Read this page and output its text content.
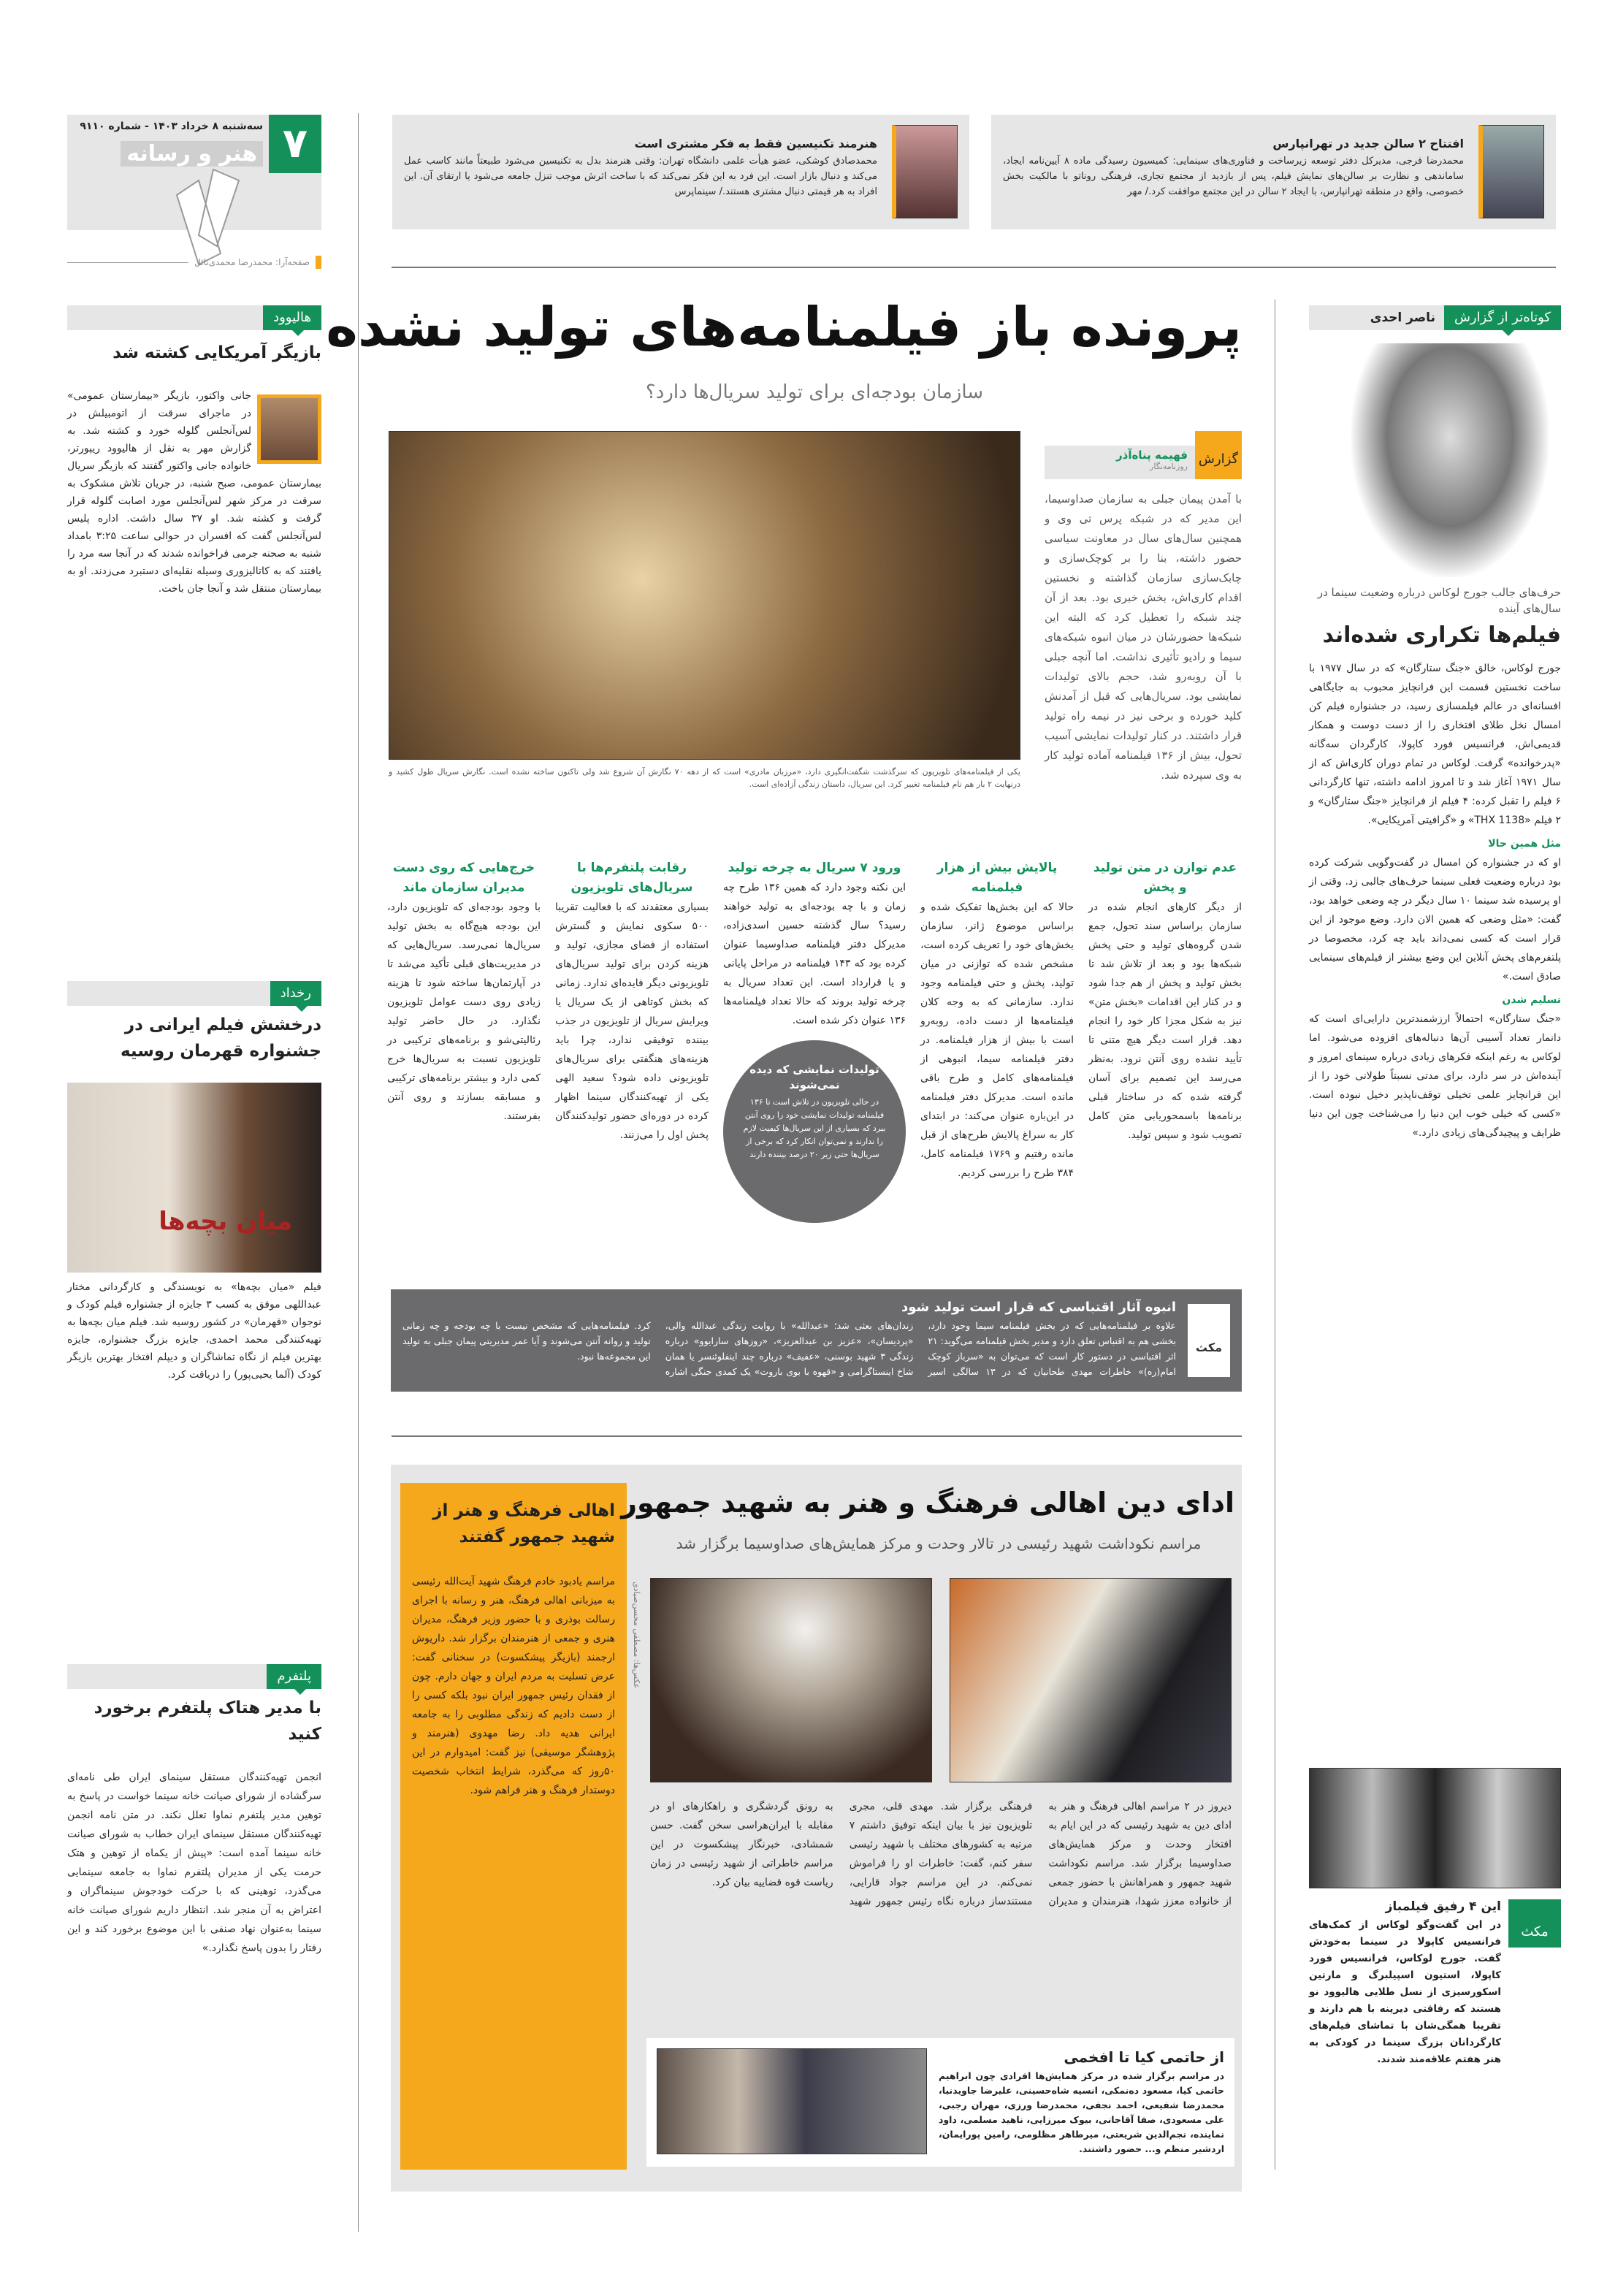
۷
سه‌شنبه ۸ خرداد ۱۴۰۳ - شماره ۹۱۱۰
هنر و رسانه
صفحه‌آرا: محمدرضا محمدی‌نائل
افتتاح ۲ سالن جدید در تهرانپارس
محمدرضا فرجی، مدیرکل دفتر توسعه زیرساخت و فناوری‌های سینمایی: کمیسیون رسیدگی ماده ۸ آیین‌نامه ایجاد، ساماندهی و نظارت بر سالن‌های نمایش فیلم، پس از بازدید از مجتمع تجاری، فرهنگی روناتو با مالکیت بخش خصوصی، واقع در منطقه تهرانپارس، با ایجاد ۲ سالن در این مجتمع موافقت کرد./ مهر
هنرمند تکنیسین فقط به فکر مشتری است
محمدصادق کوشکی، عضو هیأت علمی دانشگاه تهران: وقتی هنرمند بدل به تکنیسین می‌شود طبیعتاً مانند کاسب عمل می‌کند و دنبال بازار است. این فرد به این فکر نمی‌کند که با ساخت اثرش موجب تنزل جامعه می‌شود یا ارتقای آن. این افراد به هر قیمتی دنبال مشتری هستند./ سینماپرس
پرونده باز فیلمنامه‌های تولید نشده
سازمان بودجه‌ای برای تولید سریال‌ها دارد؟
یکی از فیلمنامه‌های تلویزیون که سرگذشت شگفت‌انگیزی دارد، «مرزبان مادری» است که از دهه ۷۰ نگارش آن شروع شد ولی تاکنون ساخته نشده است. نگارش سریال طول کشید و درنهایت ۲ بار هم نام فیلمنامه تغییر کرد. این سریال، داستان زندگی آزاده‌ای است.
گزارش
فهیمه پناه‌آذر
روزنامه‌نگار
با آمدن پیمان جبلی به سازمان صداوسیما، این مدیر که در شبکه پرس تی وی و همچنین سال‌های سال در معاونت سیاسی حضور داشته، بنا را بر کوچک‌سازی و چابک‌سازی سازمان گذاشته و نخستین اقدام کاری‌اش، بخش خبری بود. بعد از آن چند شبکه را تعطیل کرد که البته این شبکه‌ها حضورشان در میان انبوه شبکه‌های سیما و رادیو تأثیری نداشت. اما آنچه جبلی با آن روبه‌رو شد، حجم بالای تولیدات نمایشی بود. سریال‌هایی که قبل از آمدنش کلید خورده و برخی نیز در نیمه راه تولید قرار داشتند. در کنار تولیدات نمایشی آسیب تحول، بیش از ۱۳۶ فیلمنامه آماده تولید کار به وی سپرده شد.
عدم توازن در متن تولید و پخش
از دیگر کارهای انجام شده در سازمان براساس سند تحول، جمع شدن گروه‌های تولید و حتی پخش شبکه‌ها بود و بعد از تلاش شد تا بخش تولید و پخش از هم جدا شود و در کنار این اقدامات «بخش متن» نیز به شکل مجزا کار خود را انجام دهد. قرار است دیگر هیچ متنی تا تأیید نشده روی آنتن نرود. به‌نظر می‌رسد این تصمیم برای آسان گرفته شده که در ساختار قبلی برنامه‌ها باسمحوریابی متن کامل تصویب شود و سپس تولید.
پالایش بیش از هزار فیلمنامه
حالا که این بخش‌ها تفکیک شده و براساس موضوع ژانر، سازمان بخش‌های خود را تعریف کرده است، مشخص شده که توازنی در میان تولید، پخش و حتی فیلمنامه وجود ندارد. سازمانی که به وجه کلان فیلمنامه‌ها از دست داده، روبه‌رو است با بیش از هزار فیلمنامه. در دفتر فیلمنامه سیما، انبوهی از فیلمنامه‌های کامل و طرح باقی مانده است. مدیرکل دفتر فیلمنامه در این‌باره عنوان می‌کند: در ابتدای کار به سراغ پالایش طرح‌های از قبل مانده رفتیم و ۱۷۶۹ فیلمنامه کامل، ۳۸۴ طرح را بررسی کردیم.
ورود ۷ سریال به چرخه تولید
این نکته وجود دارد که همین ۱۳۶ طرح چه زمان و با چه بودجه‌ای به تولید خواهند رسید؟ سال گذشته حسین اسدی‌زاده، مدیرکل دفتر فیلمنامه صداوسیما عنوان کرده بود که ۱۴۳ فیلمنامه در مراحل پایانی و یا قرارداد است. این تعداد سریال به چرخه تولید بروند که حالا تعداد فیلمنامه‌ها ۱۳۶ عنوان ذکر شده است.
تولیدات نمایشی که دیده نمی‌شوند
در حالی تلویزیون در تلاش است تا ۱۳۶ فیلمنامه تولیدات نمایشی خود را روی آنتن ببرد که بسیاری از این سریال‌ها کیفیت لازم را ندارند و نمی‌توان انکار کرد که برخی از سریال‌ها حتی زیر ۲۰ درصد بیننده دارند
رقابت پلتفرم‌ها با سریال‌های تلویزیون
بسیاری معتقدند که با فعالیت تقریبا ۵۰۰ سکوی نمایش و گسترش استفاده از فضای مجازی، تولید و هزینه کردن برای تولید سریال‌های تلویزیونی دیگر فایده‌ای ندارد. زمانی که بخش کوتاهی از یک سریال یا ویرایش سریال از تلویزیون در جذب بیننده توفیقی ندارد، چرا باید هزینه‌های هنگفتی برای سریال‌های تلویزیونی داده شود؟ سعید الهی یکی از تهیه‌کنندگان سینما اظهار کرده در دوره‌ای حضور تولیدکنندگان پخش اول را می‌زنند.
خرج‌هایی که روی دست مدیران سازمان ماند
با وجود بودجه‌ای که تلویزیون دارد، این بودجه هیچ‌گاه به بخش تولید سریال‌ها نمی‌رسد. سریال‌هایی که در مدیریت‌های قبلی تأکید می‌شد تا در آپارتمان‌ها ساخته شود تا هزینه زیادی روی دست عوامل تلویزیون نگذارد. در حال حاضر تولید رئالیتی‌شو و برنامه‌های ترکیبی در تلویزیون نسبت به سریال‌ها خرج کمی دارد و بیشتر برنامه‌های ترکیبی و مسابقه بسازند و روی آنتن بفرستند.
مکث
انبوه آثار اقتباسی که قرار است تولید شود
علاوه بر فیلمنامه‌هایی که در بخش فیلمنامه سیما وجود دارد، بخشی هم به اقتباس تعلق دارد و مدیر بخش فیلمنامه می‌گوید: ۲۱ اثر اقتباسی در دستور کار است که می‌توان به «سرباز کوچک امام(ره)» خاطرات مهدی طحانیان که در ۱۳ سالگی اسیر زندان‌های بعثی شد؛ «عبدالله» با روایت زندگی عبدالله والی، «پردیسان»، «عزیز بن عبدالعزیز»، «روزهای سارایوو» درباره زندگی ۳ شهید بوسنی، «عفیف» درباره چند اینفلوئنسر یا همان شاخ اینستاگرامی و «قهوه با بوی باروت» یک کمدی جنگی اشاره کرد. فیلمنامه‌هایی که مشخص نیست با چه بودجه و چه زمانی تولید و روانه آنتن می‌شوند و آیا عمر مدیریتی پیمان جبلی به تولید این مجموعه‌ها نبود.
اهالی فرهنگ و هنر از شهید جمهور گفتند
مراسم یادبود خادم فرهنگ شهید آیت‌الله رئیسی به میزبانی اهالی فرهنگ، هنر و رسانه با اجرای رسالت بوذری و با حضور وزیر فرهنگ، مدیران هنری و جمعی از هنرمندان برگزار شد. داریوش ارجمند (بازیگر پیشکسوت) در سخنانی گفت: عرض تسلیت به مردم ایران و جهان دارم. چون از فقدان رئیس جمهور ایران نبود بلکه کسی را از دست دادیم که زندگی مطلوبی را به جامعه ایرانی هدیه داد. رضا مهدوی (هنرمند و پژوهشگر موسیقی) نیز گفت: امیدوارم در این ۵۰روز که می‌گذرد، شرایط انتخاب شخصیت دوستدار فرهنگ و هنر فراهم شود.
ادای دین اهالی فرهنگ و هنر به شهید جمهور
مراسم نکوداشت شهید رئیسی در تالار وحدت و مرکز همایش‌های صداوسیما برگزار شد
عکس‌ها: مصطفی محسن‌صیادی
دیروز در ۲ مراسم اهالی فرهنگ و هنر به ادای دین به شهید رئیسی که در این ایام به افتخار وحدت و مرکز همایش‌های صداوسیما برگزار شد. مراسم نکوداشت شهید جمهور و همراهانش با حضور جمعی از خانواده معزز شهدا، هنرمندان و مدیران فرهنگی برگزار شد. مهدی قلی، مجری تلویزیون نیز با بیان اینکه توفیق داشتم ۷ مرتبه به کشورهای مختلف با شهید رئیسی سفر کنم، گفت: خاطرات او را فراموش نمی‌کنم. در این مراسم جواد قارایی، مستندساز درباره نگاه رئیس جمهور شهید به رونق گردشگری و راهکارهای او در مقابله با ایران‌هراسی سخن گفت. حسن شمشادی، خبرنگار پیشکسوت در این مراسم خاطراتی از شهید رئیسی در زمان ریاست قوه قضاییه بیان کرد.
از حاتمی کیا تا افخمی
در مراسم برگزار شده در مرکز همایش‌ها افرادی چون ابراهیم حاتمی کیا، مسعود ده‌نمکی، انسیه شاه‌حسینی، علیرضا جاویدنیا، محمدرضا شفیعی، احمد نجفی، محمدرضا ورزی، مهران رجبی، علی مسعودی، صفا آقاجانی، بیوک میرزایی، ناهید مسلمی، داود نماینده، نجم‌الدین شریعتی، میرطاهر مظلومی، رامین پورایمان، اردشیر منظم و... حضور داشتند.
کوتاه‌تر از گزارش
ناصر احدی
حرف‌های جالب جورج لوکاس درباره وضعیت سینما در سال‌های آینده
فیلم‌ها تکراری شده‌اند

جورج لوکاس، خالق «جنگ ستارگان» که در سال ۱۹۷۷ با ساخت نخستین قسمت این فرانچایز محبوب به جایگاهی افسانه‌ای در عالم فیلمسازی رسید، در جشنواره فیلم کن امسال نخل طلای افتخاری را از دست دوست و همکار قدیمی‌اش، فرانسیس فورد کاپولا، کارگردان سه‌گانه «پدرخوانده» گرفت. لوکاس در تمام دوران کاری‌اش که از سال ۱۹۷۱ آغاز شد و تا امروز ادامه داشته، تنها کارگردانی ۶ فیلم را تقبل کرده: ۴ فیلم از فرانچایز «جنگ ستارگان» و ۲ فیلم «THX 1138» و «گرافیتی آمریکایی».

مثل همین حالا

او که در جشنواره کن امسال در گفت‌وگویی شرکت کرده بود درباره وضعیت فعلی سینما حرف‌های جالبی زد. وقتی از او پرسیده شد سینما ۱۰ سال دیگر در چه وضعی خواهد بود، گفت: «مثل وضعی که همین الان دارد. وضع موجود از این قرار است که کسی نمی‌داند باید چه کرد، مخصوصا در پلتفرم‌های پخش آنلاین این وضع بیشتر از فیلم‌های سینمایی صادق است.»

تسلیم شدن

«جنگ ستارگان» احتمالاً ارزشمندترین دارایی‌ای است که دانمار تعداد آسیبی آن‌ها دنباله‌های افزوده می‌شود. اما لوکاس به رغم اینکه فکرهای زیادی درباره سینمای امروز و آینده‌اش در سر دارد، برای مدتی نسبتاً طولانی خود را از این فرانچایز علمی تخیلی توقف‌ناپذیر دخیل نبوده است. «کسی که خیلی خوب این دنیا را می‌شناخت چون این دنیا ظرایف و پیچیدگی‌های زیادی دارد.»

مکث
این ۴ رفیق فیلمباز
در این گفت‌وگو لوکاس از کمک‌های فرانسیس کاپولا در سینما به‌خودش گفت. جورج لوکاس، فرانسیس فورد کاپولا، استیون اسپیلبرگ و مارتین اسکورسیزی از نسل طلایی هالیوود نو هستند که رفاقتی دیرینه با هم دارند و تقریبا همگی‌شان با تماشای فیلم‌های کارگردانان بزرگ سینما در کودکی به هنر هفتم علاقه‌مند شدند.
هالیوود
بازیگر آمریکایی کشته شد
جانی واکتور، بازیگر «بیمارستان عمومی» در ماجرای سرقت از اتومبیلش در لس‌آنجلس گلوله خورد و کشته شد. به گزارش مهر به نقل از هالیوود ریپورتر، خانواده جانی واکتور گفتند که بازیگر سریال بیمارستان عمومی، صبح شنبه، در جریان تلاش مشکوک به سرقت در مرکز شهر لس‌آنجلس مورد اصابت گلوله قرار گرفت و کشته شد. او ۳۷ سال داشت. اداره پلیس لس‌آنجلس گفت که افسران در حوالی ساعت ۳:۲۵ بامداد شنبه به صحنه جرمی فراخوانده شدند که در آنجا سه مرد را یافتند که به کاتالیزوری وسیله نقلیه‌ای دستبرد می‌زدند. او به بیمارستان منتقل شد و آنجا جان باخت.
رخداد
درخشش فیلم ایرانی در جشنواره قهرمان روسیه
میان بچه‌ها
فیلم «میان بچه‌ها» به نویسندگی و کارگردانی مختار عبداللهی موفق به کسب ۳ جایزه از جشنواره فیلم کودک و نوجوان «قهرمان» در کشور روسیه شد. فیلم میان بچه‌ها به تهیه‌کنندگی محمد احمدی، جایزه بزرگ جشنواره، جایزه بهترین فیلم از نگاه تماشاگران و دیپلم افتخار بهترین بازیگر کودک (آلما یحیی‌پور) را دریافت کرد.
پلتفرم
با مدیر هتاک پلتفرم برخورد کنید
انجمن تهیه‌کنندگان مستقل سینمای ایران طی نامه‌ای سرگشاده از شورای صیانت خانه سینما خواست در پاسخ به توهین مدیر پلتفرم نماوا تعلل نکند. در متن نامه انجمن تهیه‌کنندگان مستقل سینمای ایران خطاب به شورای صیانت خانه سینما آمده است: «پیش از یکماه از توهین و هتک حرمت یکی از مدیران پلتفرم نماوا به جامعه سینمایی می‌گذرد، توهینی که با حرکت خودجوش سینماگران و اعتراض به آن منجر شد. انتظار داریم شورای صیانت خانه سینما به‌عنوان نهاد صنفی با این موضوع برخورد کند و این رفتار را بدون پاسخ نگذارد.»
